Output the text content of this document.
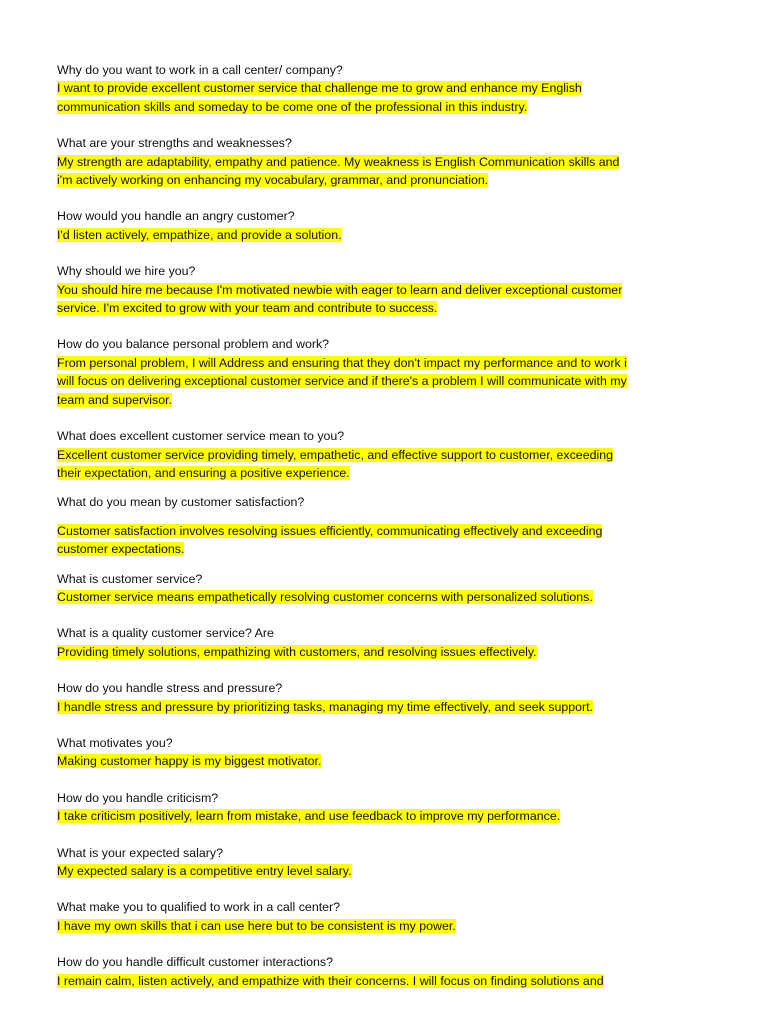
Why do you want to work in a call center/ company?

I want to provide excellent customer service that challenge me to grow and enhance my English
communication skills and someday to be come one of the professional in this industry.

What are your strengths and weaknesses?

My strength are adaptability, empathy and patience. My weakness is English Communication skills and
i'm actively working on enhancing my vocabulary, grammar, and pronunciation.

How would you handle an angry customer?

I'd listen actively, empathize, and provide a solution.

Why should we hire you?

You should hire me because I'm motivated newbie with eager to learn and deliver exceptional customer
service. I'm excited to grow with your team and contribute to success.

How do you balance personal problem and work?

From personal problem, I will Address and ensuring that they don't impact my performance and to work i
will focus on delivering exceptional customer service and if there's a problem I will communicate with my
team and supervisor.

What does excellent customer service mean to you?

Excellent customer service providing timely, empathetic, and effective support to customer, exceeding
their expectation, and ensuring a positive experience.

What do you mean by customer satisfaction?

Customer satisfaction involves resolving issues efficiently, communicating effectively and exceeding
customer expectations.

What is customer service?

Customer service means empathetically resolving customer concerns with personalized solutions.

What is a quality customer service? Are

Providing timely solutions, empathizing with customers, and resolving issues effectively.

How do you handle stress and pressure?

I handle stress and pressure by prioritizing tasks, managing my time effectively, and seek support.

What motivates you?

Making customer happy is my biggest motivator.

How do you handle criticism?

I take criticism positively, learn from mistake, and use feedback to improve my performance.

What is your expected salary?

My expected salary is a competitive entry level salary.

What make you to qualified to work in a call center?

I have my own skills that i can use here but to be consistent is my power.

How do you handle difficult customer interactions?

I remain calm, listen actively, and empathize with their concerns. I will focus on finding solutions and
